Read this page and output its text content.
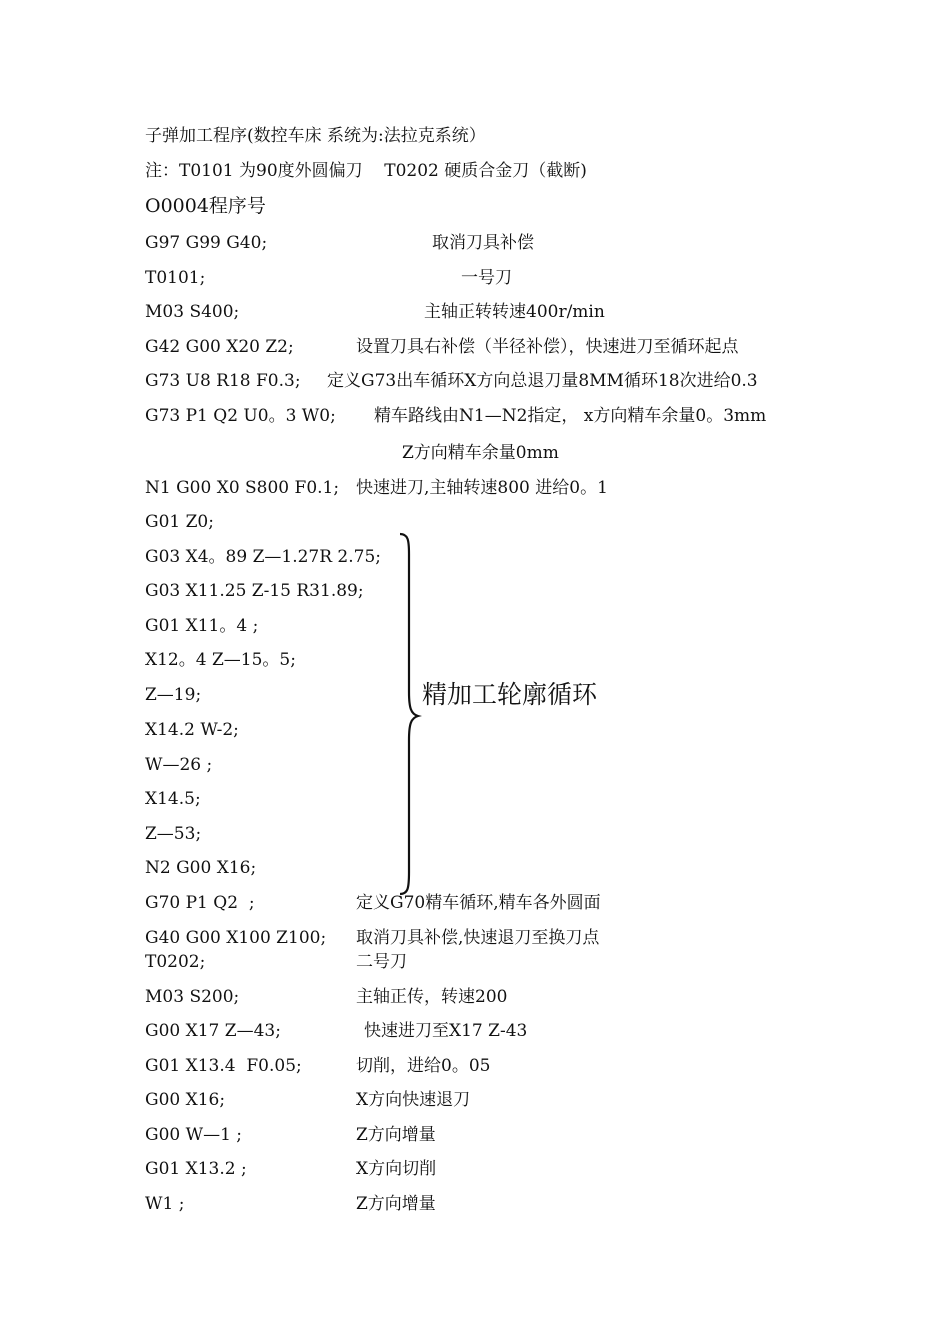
子弹加工程序(数控车床 系统为:法拉克系统）
注：T0101 为90度外圆偏刀    T0202 硬质合金刀（截断)
O0004程序号
G97 G99 G40;	取消刀具补偿
T0101;	一号刀
M03 S400;	主轴正转转速400r/min
G42 G00 X20 Z2;	设置刀具右补偿（半径补偿），快速进刀至循环起点
G73 U8 R18 F0.3; 定义G73出车循环X方向总退刀量8MM循环18次进给0.3
G73 P1 Q2 U0。3 W0; 精车路线由N1—N2指定， x方向精车余量0。3mm
Z方向精车余量0mm
N1 G00 X0 S800 F0.1; 快速进刀,主轴转速800 进给0。1
G01 Z0;
G03 X4。89 Z—1.27R 2.75;
G03 X11.25 Z-15 R31.89;
G01 X11。4 ;
X12。4 Z—15。5;
Z—19;
X14.2 W-2;
W—26 ;
X14.5;
Z—53;
N2 G00 X16;
G70 P1 Q2  ;	定义G70精车循环,精车各外圆面
G40 G00 X100 Z100; 取消刀具补偿,快速退刀至换刀点
T0202;	二号刀
M03 S200;	主轴正传，转速200
G00 X17 Z—43;	快速进刀至X17 Z-43
G01 X13.4  F0.05;	切削，进给0。05
G00 X16;	X方向快速退刀
G00 W—1 ;	Z方向增量
G01 X13.2 ;	X方向切削
W1 ;	Z方向增量
精加工轮廓循环
